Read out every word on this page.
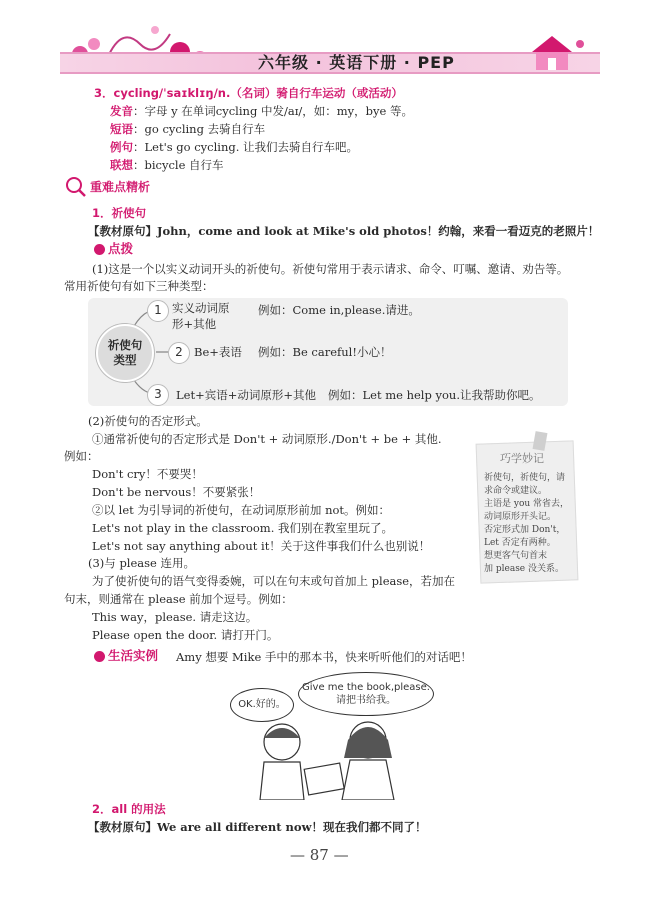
六年级 · 英语下册 · PEP
3．cycling/ˈsaɪklɪŋ/n.（名词）骑自行车运动（或活动）
发音：字母 y 在单词cycling 中发/aɪ/，如：my，bye 等。
短语：go cycling 去骑自行车
例句：Let's go cycling. 让我们去骑自行车吧。
联想：bicycle 自行车
重难点精析
1．祈使句
【教材原句】John，come and look at Mike's old photos！约翰，来看一看迈克的老照片！
点拨
(1)这是一个以实义动词开头的祈使句。祈使句常用于表示请求、命令、叮嘱、邀请、劝告等。
常用祈使句有如下三种类型：
祈使句
类型
1 实义动词原
形+其他
例如：Come in,please.请进。
2 Be+表语 例如：Be careful!小心！
3	Let+宾语+动词原形+其他 例如：Let me help you.让我帮助你吧。
(2)祈使句的否定形式。
①通常祈使句的否定形式是 Don't + 动词原形./Don't + be + 其他.
例如：
Don't cry！不要哭！
Don't be nervous！不要紧张！
②以 let 为引导词的祈使句，在动词原形前加 not。例如：
Let's not play in the classroom. 我们别在教室里玩了。
Let's not say anything about it！关于这件事我们什么也别说！
(3)与 please 连用。
为了使祈使句的语气变得委婉，可以在句末或句首加上 please，若加在
句末，则通常在 please 前加个逗号。例如：
This way，please. 请走这边。
Please open the door. 请打开门。
巧学妙记
祈使句，祈使句，请
求命令或建议。
主语是 you 常省去，
动词原形开头记。
否定形式加 Don't，
Let 否定有两种。
想更客气句首末
加 please 没关系。
生活实例 Amy 想要 Mike 手中的那本书，快来听听他们的对话吧！
OK.好的。
Give me the book,please.
请把书给我。
2．all 的用法
【教材原句】We are all different now！现在我们都不同了！
— 87 —
